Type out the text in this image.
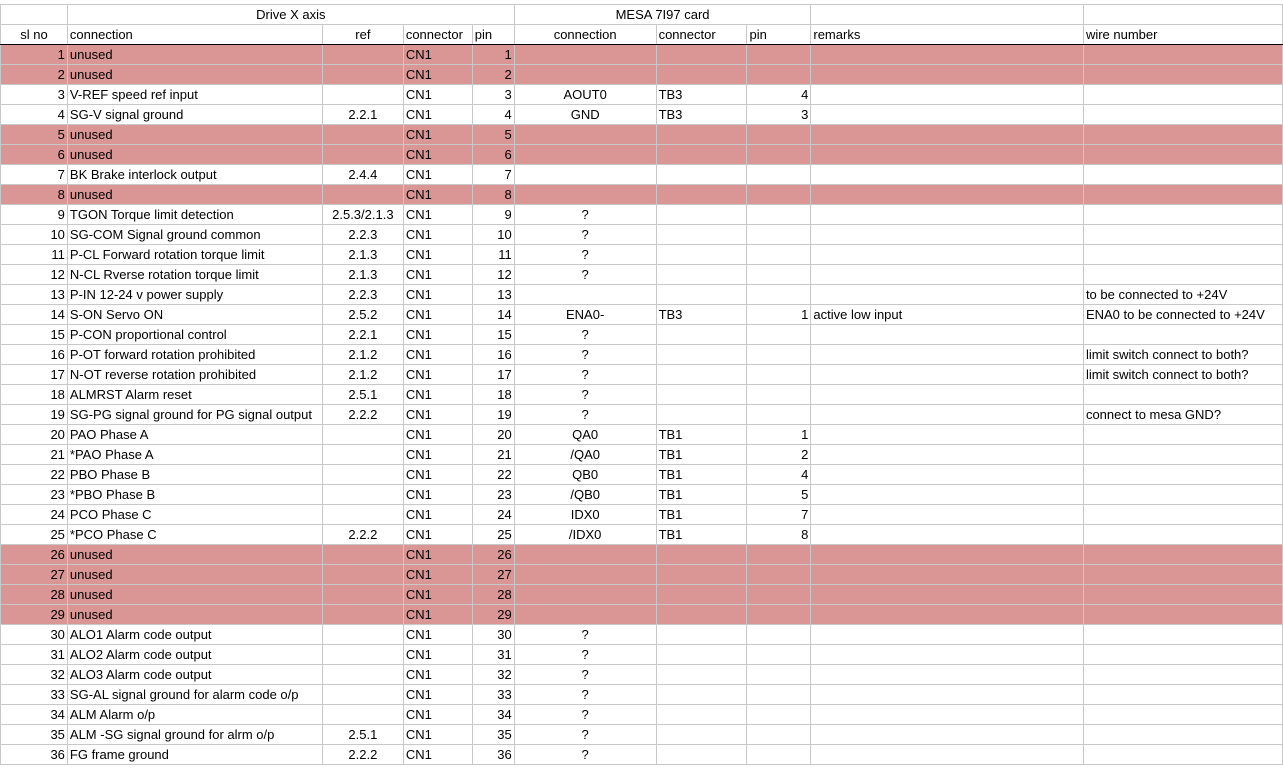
	Drive X axis				MESA 7I97 card				
sl no	connection	ref	connector	pin	connection	connector	pin	remarks	wire number
1	unused		CN1	1					
2	unused		CN1	2					
3	V-REF speed ref input		CN1	3	AOUT0	TB3	4		
4	SG-V signal ground	2.2.1	CN1	4	GND	TB3	3		
5	unused		CN1	5					
6	unused		CN1	6					
7	BK Brake interlock output	2.4.4	CN1	7					
8	unused		CN1	8					
9	TGON Torque limit detection	2.5.3/2.1.3	CN1	9	?				
10	SG-COM Signal ground common	2.2.3	CN1	10	?				
11	P-CL Forward rotation torque limit	2.1.3	CN1	11	?				
12	N-CL Rverse rotation torque limit	2.1.3	CN1	12	?				
13	P-IN 12-24 v power supply	2.2.3	CN1	13					to be connected to +24V
14	S-ON Servo ON	2.5.2	CN1	14	ENA0-	TB3	1	active low input	ENA0 to be connected to +24V
15	P-CON proportional control	2.2.1	CN1	15	?				
16	P-OT forward rotation prohibited	2.1.2	CN1	16	?				limit switch connect to both?
17	N-OT reverse rotation prohibited	2.1.2	CN1	17	?				limit switch connect to both?
18	ALMRST Alarm reset	2.5.1	CN1	18	?				
19	SG-PG signal ground for PG signal output	2.2.2	CN1	19	?				connect to mesa GND?
20	PAO Phase A		CN1	20	QA0	TB1	1		
21	*PAO Phase A		CN1	21	/QA0	TB1	2		
22	PBO Phase B		CN1	22	QB0	TB1	4		
23	*PBO Phase B		CN1	23	/QB0	TB1	5		
24	PCO Phase C		CN1	24	IDX0	TB1	7		
25	*PCO Phase C	2.2.2	CN1	25	/IDX0	TB1	8		
26	unused		CN1	26					
27	unused		CN1	27					
28	unused		CN1	28					
29	unused		CN1	29					
30	ALO1 Alarm code output		CN1	30	?				
31	ALO2 Alarm code output		CN1	31	?				
32	ALO3 Alarm code output		CN1	32	?				
33	SG-AL signal ground for alarm code o/p		CN1	33	?				
34	ALM Alarm o/p		CN1	34	?				
35	ALM -SG signal ground for alrm o/p	2.5.1	CN1	35	?				
36	FG frame ground	2.2.2	CN1	36	?				
